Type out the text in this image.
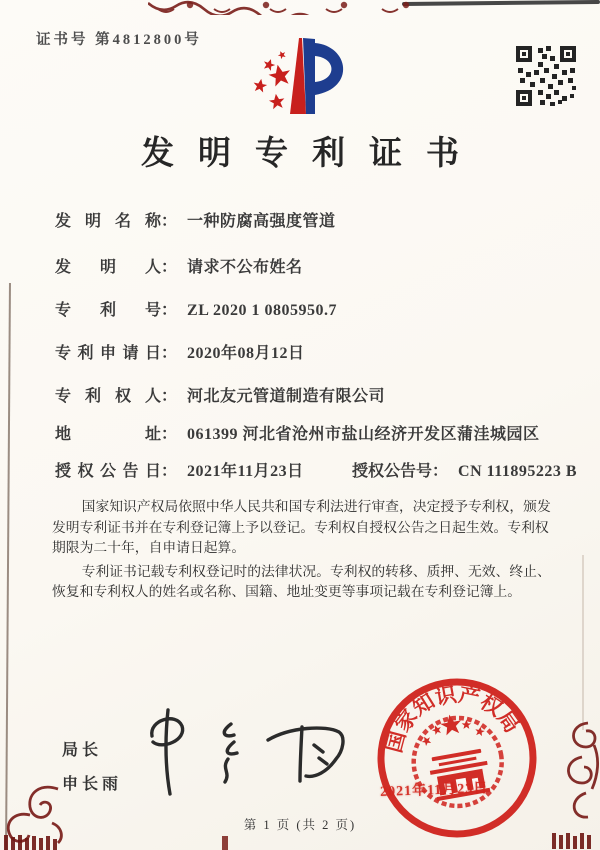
证书号 第4812800号
发明专利证书
发明名称： 一种防腐高强度管道
发明人： 请求不公布姓名
专利号： ZL 2020 1 0805950.7
专利申请日： 2020年08月12日
专利权人： 河北友元管道制造有限公司
地址： 061399 河北省沧州市盐山经济开发区蒲洼城园区
授权公告日： 2021年11月23日	授权公告号： CN 111895223 B

国家知识产权局依照中华人民共和国专利法进行审查，决定授予专利权，颁发发明专利证书并在专利登记簿上予以登记。专利权自授权公告之日起生效。专利权期限为二十年，自申请日起算。

专利证书记载专利权登记时的法律状况。专利权的转移、质押、无效、终止、恢复和专利权人的姓名或名称、国籍、地址变更等事项记载在专利登记簿上。

局长
申长雨
国家知识产权局
2021年11月23日
第 1 页 (共 2 页)
